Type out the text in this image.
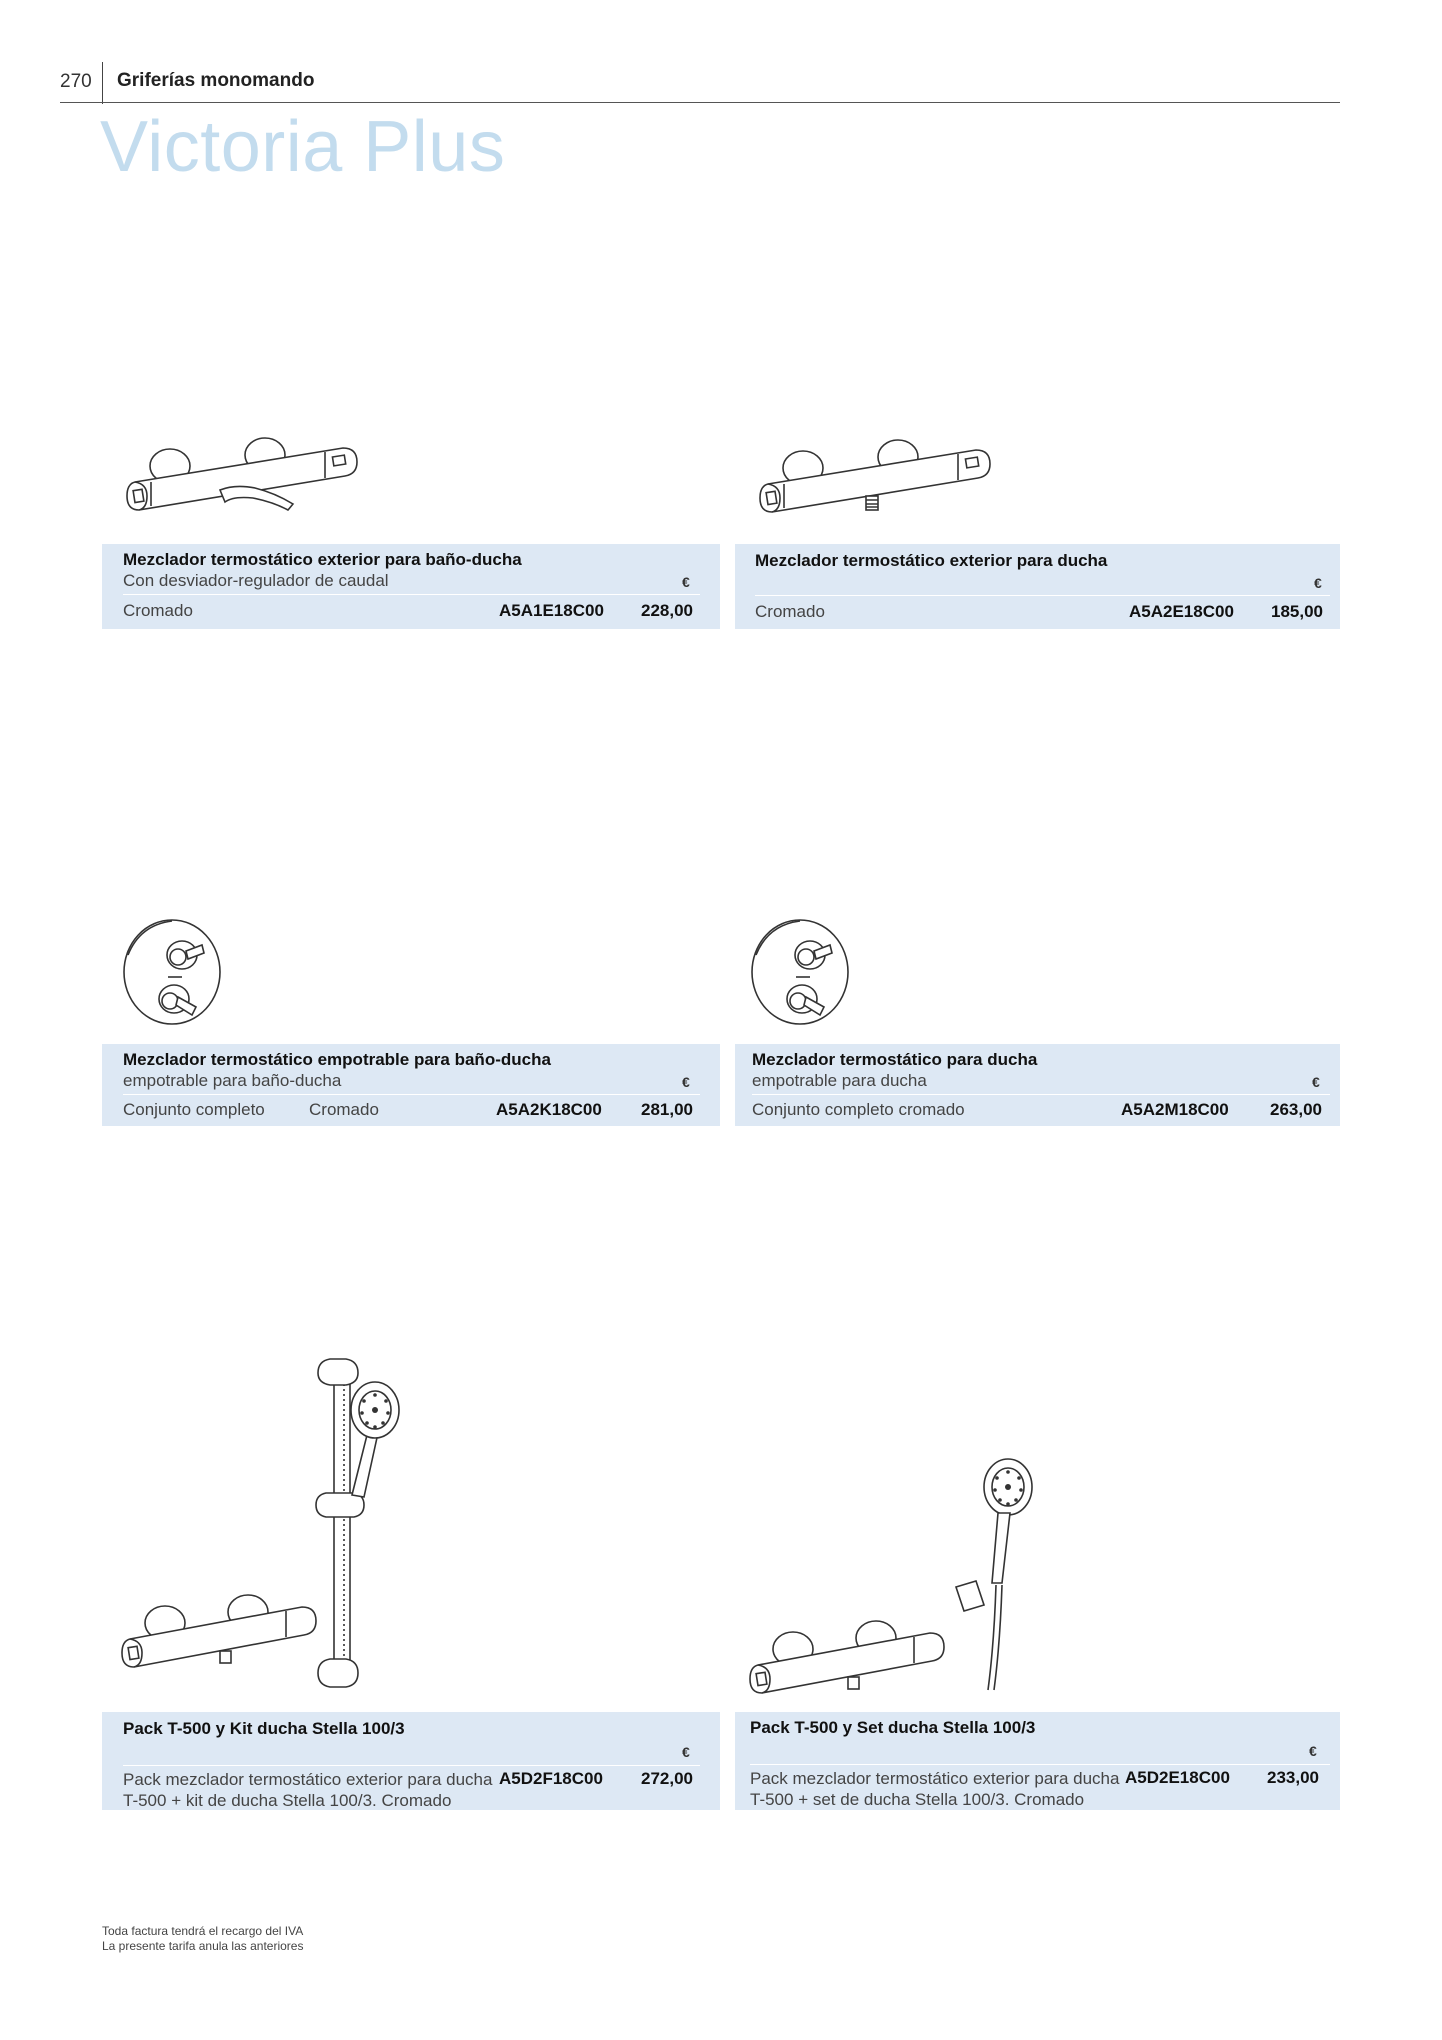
270 Griferías monomando
Victoria Plus
Mezclador termostático exterior para baño-ducha
Con desviador-regulador de caudal	€
Cromado	A5A1E18C00	228,00
Mezclador termostático exterior para ducha
€
Cromado	A5A2E18C00	185,00
Mezclador termostático empotrable para baño-ducha
empotrable para baño-ducha	€
Conjunto completo	Cromado	A5A2K18C00	281,00
Mezclador termostático para ducha
empotrable para ducha	€
Conjunto completo cromado	A5A2M18C00	263,00
Pack T-500 y Kit ducha Stella 100/3
€
Pack mezclador termostático exterior para ducha
T-500 + kit de ducha Stella 100/3. Cromado
A5D2F18C00	272,00
Pack T-500 y Set ducha Stella 100/3
€
Pack mezclador termostático exterior para ducha
T-500 + set de ducha Stella 100/3. Cromado
A5D2E18C00	233,00
Toda factura tendrá el recargo del IVA
La presente tarifa anula las anteriores
